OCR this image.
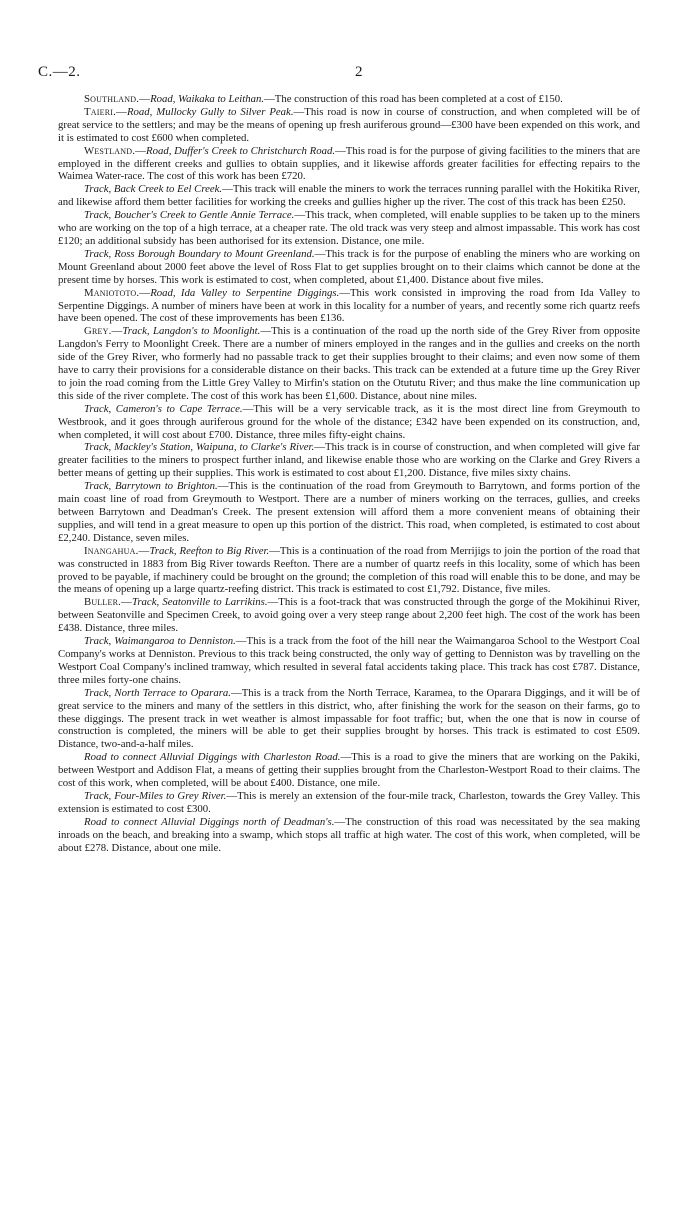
C.—2.	2

Southland.—Road, Waikaka to Leithan.—The construction of this road has been completed at a cost of £150.

Taieri.—Road, Mullocky Gully to Silver Peak.—This road is now in course of construction, and when completed will be of great service to the settlers; and may be the means of opening up fresh auriferous ground—£300 have been expended on this work, and it is estimated to cost £600 when completed.

Westland.—Road, Duffer's Creek to Christchurch Road.—This road is for the purpose of giving facilities to the miners that are employed in the different creeks and gullies to obtain supplies, and it likewise affords greater facilities for effecting repairs to the Waimea Water-race. The cost of this work has been £720.

Track, Back Creek to Eel Creek.—This track will enable the miners to work the terraces running parallel with the Hokitika River, and likewise afford them better facilities for working the creeks and gullies higher up the river. The cost of this track has been £250.

Track, Boucher's Creek to Gentle Annie Terrace.—This track, when completed, will enable supplies to be taken up to the miners who are working on the top of a high terrace, at a cheaper rate. The old track was very steep and almost impassable. This work has cost £120; an additional subsidy has been authorised for its extension. Distance, one mile.

Track, Ross Borough Boundary to Mount Greenland.—This track is for the purpose of enabling the miners who are working on Mount Greenland about 2000 feet above the level of Ross Flat to get supplies brought on to their claims which cannot be done at the present time by horses. This work is estimated to cost, when completed, about £1,400. Distance about five miles.

Maniototo.—Road, Ida Valley to Serpentine Diggings.—This work consisted in improving the road from Ida Valley to Serpentine Diggings. A number of miners have been at work in this locality for a number of years, and recently some rich quartz reefs have been opened. The cost of these improvements has been £136.

Grey.—Track, Langdon's to Moonlight.—This is a continuation of the road up the north side of the Grey River from opposite Langdon's Ferry to Moonlight Creek. There are a number of miners employed in the ranges and in the gullies and creeks on the north side of the Grey River, who formerly had no passable track to get their supplies brought to their claims; and even now some of them have to carry their provisions for a considerable distance on their backs. This track can be extended at a future time up the Grey River to join the road coming from the Little Grey Valley to Mirfin's station on the Otututu River; and thus make the line communication up this side of the river complete. The cost of this work has been £1,600. Distance, about nine miles.

Track, Cameron's to Cape Terrace.—This will be a very servicable track, as it is the most direct line from Greymouth to Westbrook, and it goes through auriferous ground for the whole of the distance; £342 have been expended on its construction, and, when completed, it will cost about £700. Distance, three miles fifty-eight chains.

Track, Mackley's Station, Waipuna, to Clarke's River.—This track is in course of construction, and when completed will give far greater facilities to the miners to prospect further inland, and likewise enable those who are working on the Clarke and Grey Rivers a better means of getting up their supplies. This work is estimated to cost about £1,200. Distance, five miles sixty chains.

Track, Barrytown to Brighton.—This is the continuation of the road from Greymouth to Barrytown, and forms portion of the main coast line of road from Greymouth to Westport. There are a number of miners working on the terraces, gullies, and creeks between Barrytown and Deadman's Creek. The present extension will afford them a more convenient means of obtaining their supplies, and will tend in a great measure to open up this portion of the district. This road, when completed, is estimated to cost about £2,240. Distance, seven miles.

Inangahua.—Track, Reefton to Big River.—This is a continuation of the road from Merrijigs to join the portion of the road that was constructed in 1883 from Big River towards Reefton. There are a number of quartz reefs in this locality, some of which has been proved to be payable, if machinery could be brought on the ground; the completion of this road will enable this to be done, and may be the means of opening up a large quartz-reefing district. This track is estimated to cost £1,792. Distance, five miles.

Buller.—Track, Seatonville to Larrikins.—This is a foot-track that was constructed through the gorge of the Mokihinui River, between Seatonville and Specimen Creek, to avoid going over a very steep range about 2,200 feet high. The cost of the work has been £438. Distance, three miles.

Track, Waimangaroa to Denniston.—This is a track from the foot of the hill near the Waimangaroa School to the Westport Coal Company's works at Denniston. Previous to this track being constructed, the only way of getting to Denniston was by travelling on the Westport Coal Company's inclined tramway, which resulted in several fatal accidents taking place. This track has cost £787. Distance, three miles forty-one chains.

Track, North Terrace to Oparara.—This is a track from the North Terrace, Karamea, to the Oparara Diggings, and it will be of great service to the miners and many of the settlers in this district, who, after finishing the work for the season on their farms, go to these diggings. The present track in wet weather is almost impassable for foot traffic; but, when the one that is now in course of construction is completed, the miners will be able to get their supplies brought by horses. This track is estimated to cost £509. Distance, two-and-a-half miles.

Road to connect Alluvial Diggings with Charleston Road.—This is a road to give the miners that are working on the Pakiki, between Westport and Addison Flat, a means of getting their supplies brought from the Charleston-Westport Road to their claims. The cost of this work, when completed, will be about £400. Distance, one mile.

Track, Four-Miles to Grey River.—This is merely an extension of the four-mile track, Charleston, towards the Grey Valley. This extension is estimated to cost £300.

Road to connect Alluvial Diggings north of Deadman's.—The construction of this road was necessitated by the sea making inroads on the beach, and breaking into a swamp, which stops all traffic at high water. The cost of this work, when completed, will be about £278. Distance, about one mile.
